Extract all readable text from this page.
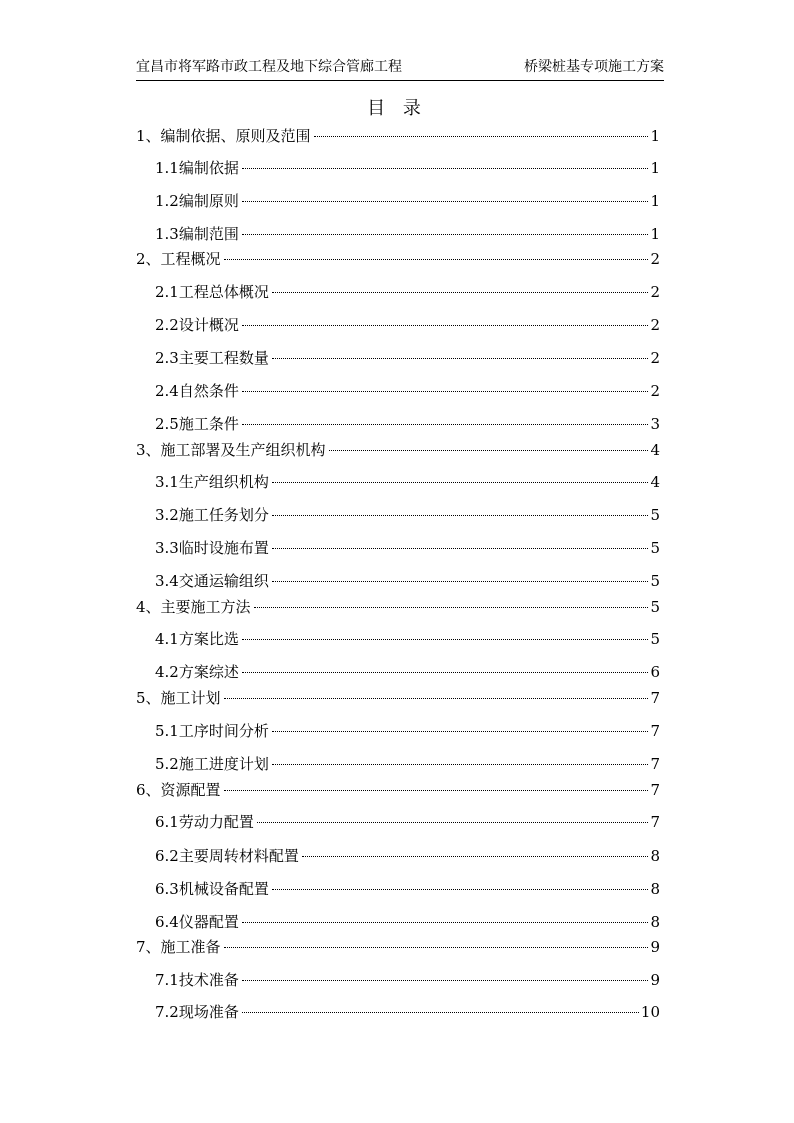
宜昌市将军路市政工程及地下综合管廊工程	桥梁桩基专项施工方案
目 录
1、 编制依据、原则及范围	1
1.1 编制依据	1
1.2 编制原则	1
1.3 编制范围	1
2、 工程概况	2
2.1 工程总体概况	2
2.2 设计概况	2
2.3 主要工程数量	2
2.4 自然条件	2
2.5 施工条件	3
3、 施工部署及生产组织机构	4
3.1 生产组织机构	4
3.2 施工任务划分	5
3.3 临时设施布置	5
3.4 交通运输组织	5
4、 主要施工方法	5
4.1 方案比选	5
4.2 方案综述	6
5、 施工计划	7
5.1 工序时间分析	7
5.2 施工进度计划	7
6、 资源配置	7
6.1 劳动力配置	7
6.2 主要周转材料配置	8
6.3 机械设备配置	8
6.4 仪器配置	8
7、 施工准备	9
7.1 技术准备	9
7.2 现场准备	10
